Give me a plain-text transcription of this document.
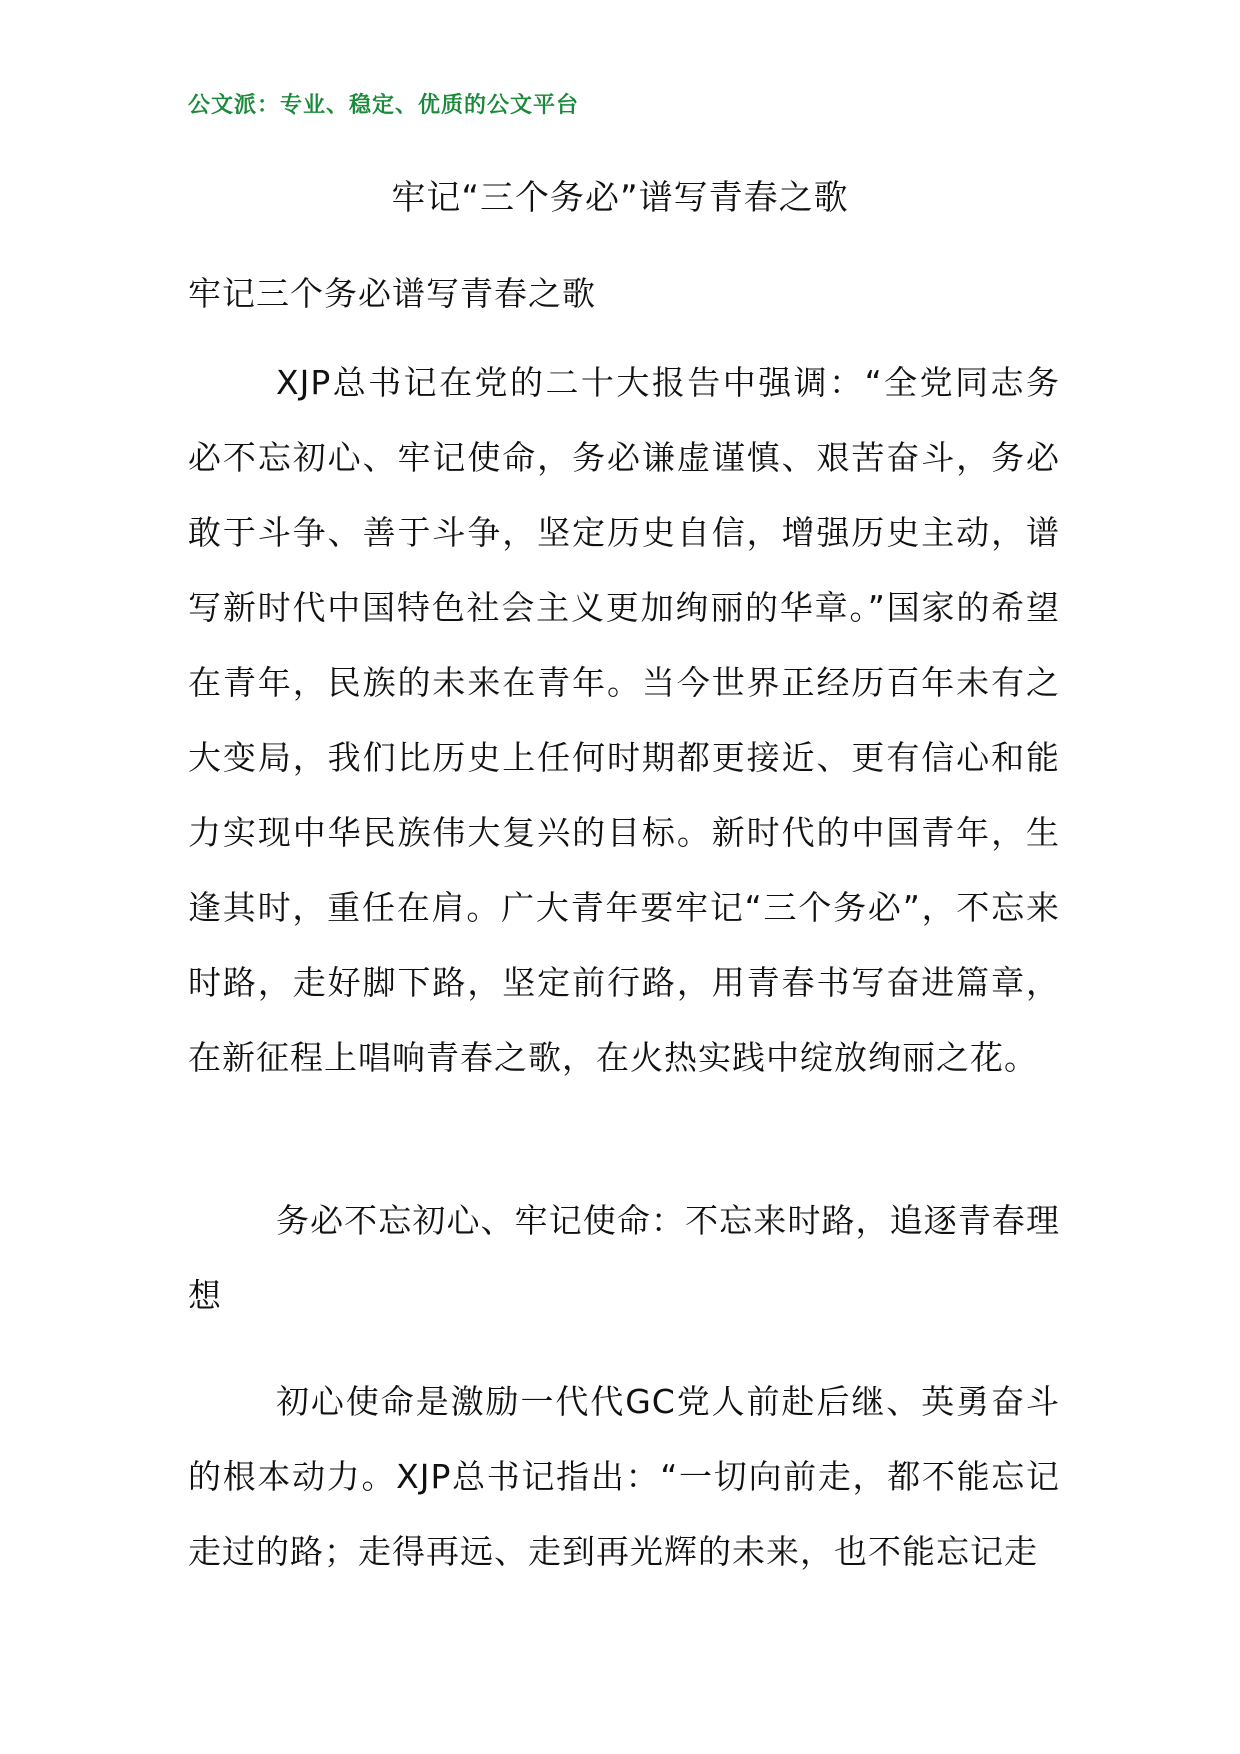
公文派：专业、稳定、优质的公文平台
牢记“三个务必”谱写青春之歌
牢记三个务必谱写青春之歌

XJP总书记在党的二十大报告中强调：“全党同志务必不忘初心、牢记使命，务必谦虚谨慎、艰苦奋斗，务必敢于斗争、善于斗争，坚定历史自信，增强历史主动，谱写新时代中国特色社会主义更加绚丽的华章。”国家的希望在青年，民族的未来在青年。当今世界正经历百年未有之大变局，我们比历史上任何时期都更接近、更有信心和能力实现中华民族伟大复兴的目标。新时代的中国青年，生逢其时，重任在肩。广大青年要牢记“三个务必”，不忘来时路，走好脚下路，坚定前行路，用青春书写奋进篇章，在新征程上唱响青春之歌，在火热实践中绽放绚丽之花。

务必不忘初心、牢记使命：不忘来时路，追逐青春理想

初心使命是激励一代代GC党人前赴后继、英勇奋斗的根本动力。XJP总书记指出：“一切向前走，都不能忘记走过的路；走得再远、走到再光辉的未来，也不能忘记走
